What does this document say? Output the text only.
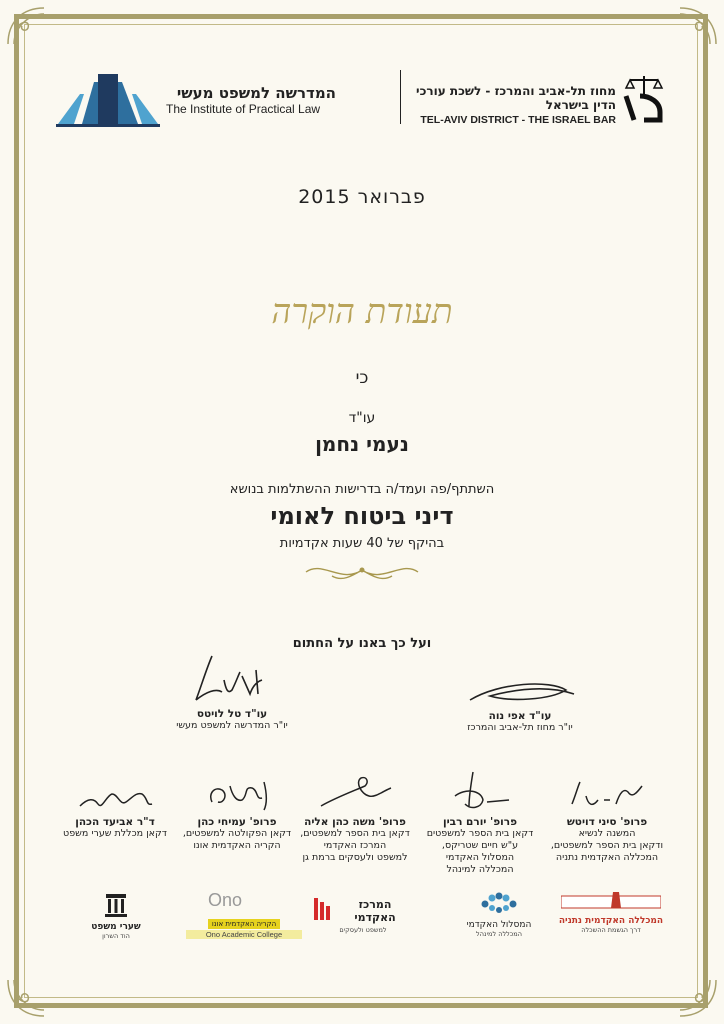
המדרשה למשפט מעשי
The Institute of Practical Law
מחוז תל-אביב והמרכז - לשכת עורכי הדין בישראל
TEL-AVIV DISTRICT - THE ISRAEL BAR
פברואר 2015
תעודת הוקרה
כי
עו"ד
נעמי נחמן
השתתף/פה ועמד/ה בדרישות ההשתלמות בנושא
דיני ביטוח לאומי
בהיקף של 40 שעות אקדמיות
ועל כך באנו על החתום
עו"ד טל לויטס
יו"ר המדרשה למשפט מעשי
עו"ד אפי נוה
יו"ר מחוז תל-אביב והמרכז
פרופ' סיני דויטש
המשנה לנשיא
ודקאן בית הספר למשפטים,
המכללה האקדמית נתניה
פרופ' יורם רבין
דקאן בית הספר למשפטים
ע"ש חיים שטריקס,
המסלול האקדמי
המכללה למינהל
פרופ' משה כהן אליה
דקאן בית הספר למשפטים,
המרכז האקדמי
למשפט ולעסקים ברמת גן
פרופ' עמיחי כהן
דקאן הפקולטה למשפטים,
הקריה האקדמית אונו
ד"ר אביעד הכהן
דקאן מכללת שערי משפט
המכללה האקדמית נתניה
דרך הגשמת ההשכלה
המסלול האקדמי
המכללה למינהל
המרכז האקדמי
למשפט ולעסקים
Ono
הקריה האקדמית אונו
Ono Academic College
שערי משפט
הוד השרון
